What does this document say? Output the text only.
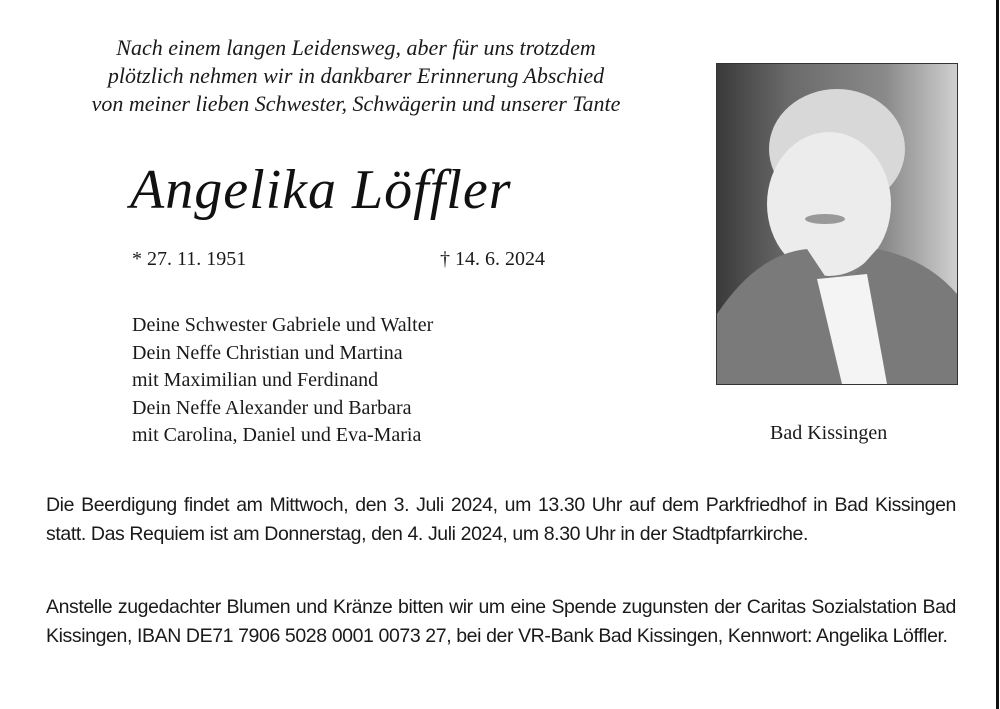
Nach einem langen Leidensweg, aber für uns trotzdem
plötzlich nehmen wir in dankbarer Erinnerung Abschied
von meiner lieben Schwester, Schwägerin und unserer Tante
Angelika Löffler
* 27. 11. 1951	† 14. 6. 2024
Deine Schwester Gabriele und Walter
Dein Neffe Christian und Martina
mit Maximilian und Ferdinand
Dein Neffe Alexander und Barbara
mit Carolina, Daniel und Eva-Maria	Bad Kissingen
Die Beerdigung findet am Mittwoch, den 3. Juli 2024, um 13.30 Uhr auf dem Parkfriedhof in Bad Kissingen statt. Das Requiem ist am Donnerstag, den 4. Juli 2024, um 8.30 Uhr in der Stadtpfarrkirche.
Anstelle zugedachter Blumen und Kränze bitten wir um eine Spende zugunsten der Caritas Sozialstation Bad Kissingen, IBAN DE71 7906 5028 0001 0073 27, bei der VR-Bank Bad Kissingen, Kennwort: Angelika Löffler.
